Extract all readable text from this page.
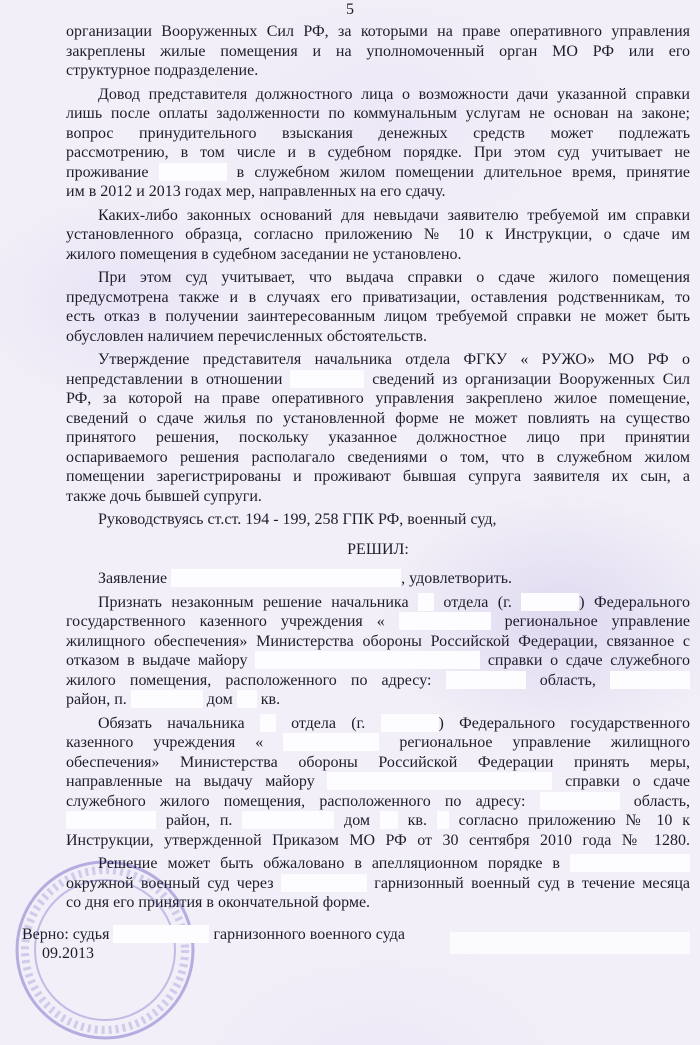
5
организации Вооруженных Сил РФ, за которыми на праве оперативного управления
закреплены жилые помещения и на уполномоченный орган МО РФ или его
структурное подразделение.
Довод представителя должностного лица о возможности дачи указанной справки
лишь после оплаты задолженности по коммунальным услугам не основан на законе;
вопрос принудительного взыскания денежных средств может подлежать
рассмотрению, в том числе и в судебном порядке. При этом суд учитывает не
проживание	в служебном жилом помещении длительное время, принятие
им в 2012 и 2013 годах мер, направленных на его сдачу.
Каких-либо законных оснований для невыдачи заявителю требуемой им справки
установленного образца, согласно приложению № 10 к Инструкции, о сдаче им
жилого помещения в судебном заседании не установлено.
При этом суд учитывает, что выдача справки о сдаче жилого помещения
предусмотрена также и в случаях его приватизации, оставления родственникам, то
есть отказ в получении заинтересованным лицом требуемой справки не может быть
обусловлен наличием перечисленных обстоятельств.
Утверждение представителя начальника отдела ФГКУ « РУЖО» МО РФ о
непредставлении в отношении	сведений из организации Вооруженных Сил
РФ, за которой на праве оперативного управления закреплено жилое помещение,
сведений о сдаче жилья по установленной форме не может повлиять на существо
принятого решения, поскольку указанное должностное лицо при принятии
оспариваемого решения располагало сведениями о том, что в служебном жилом
помещении зарегистрированы и проживают бывшая супруга заявителя их сын, а
также дочь бывшей супруги.
Руководствуясь ст.ст. 194 - 199, 258 ГПК РФ, военный суд,
РЕШИЛ:
Заявление	, удовлетворить.
Признать незаконным решение начальника отдела (г.	) Федерального
государственного казенного учреждения «	региональное управление
жилищного обеспечения» Министерства обороны Российской Федерации, связанное с
отказом в выдаче майору	справки о сдаче служебного
жилого помещения, расположенного по адресу:	область,
район, п.	дом кв.
Обязать начальника	отдела (г.	) Федерального государственного
казенного учреждения «	региональное управление жилищного
обеспечения» Министерства обороны Российской Федерации принять меры,
направленные на выдачу майору	справки о сдаче
служебного жилого помещения, расположенного по адресу:	область,
район, п.	дом кв. согласно приложению № 10 к
Инструкции, утвержденной Приказом МО РФ от 30 сентября 2010 года № 1280.
Решение может быть обжаловано в апелляционном порядке в
окружной военный суд через	гарнизонный военный суд в течение месяца
со дня его принятия в окончательной форме.
Верно: судья	гарнизонного военного суда
09.2013
